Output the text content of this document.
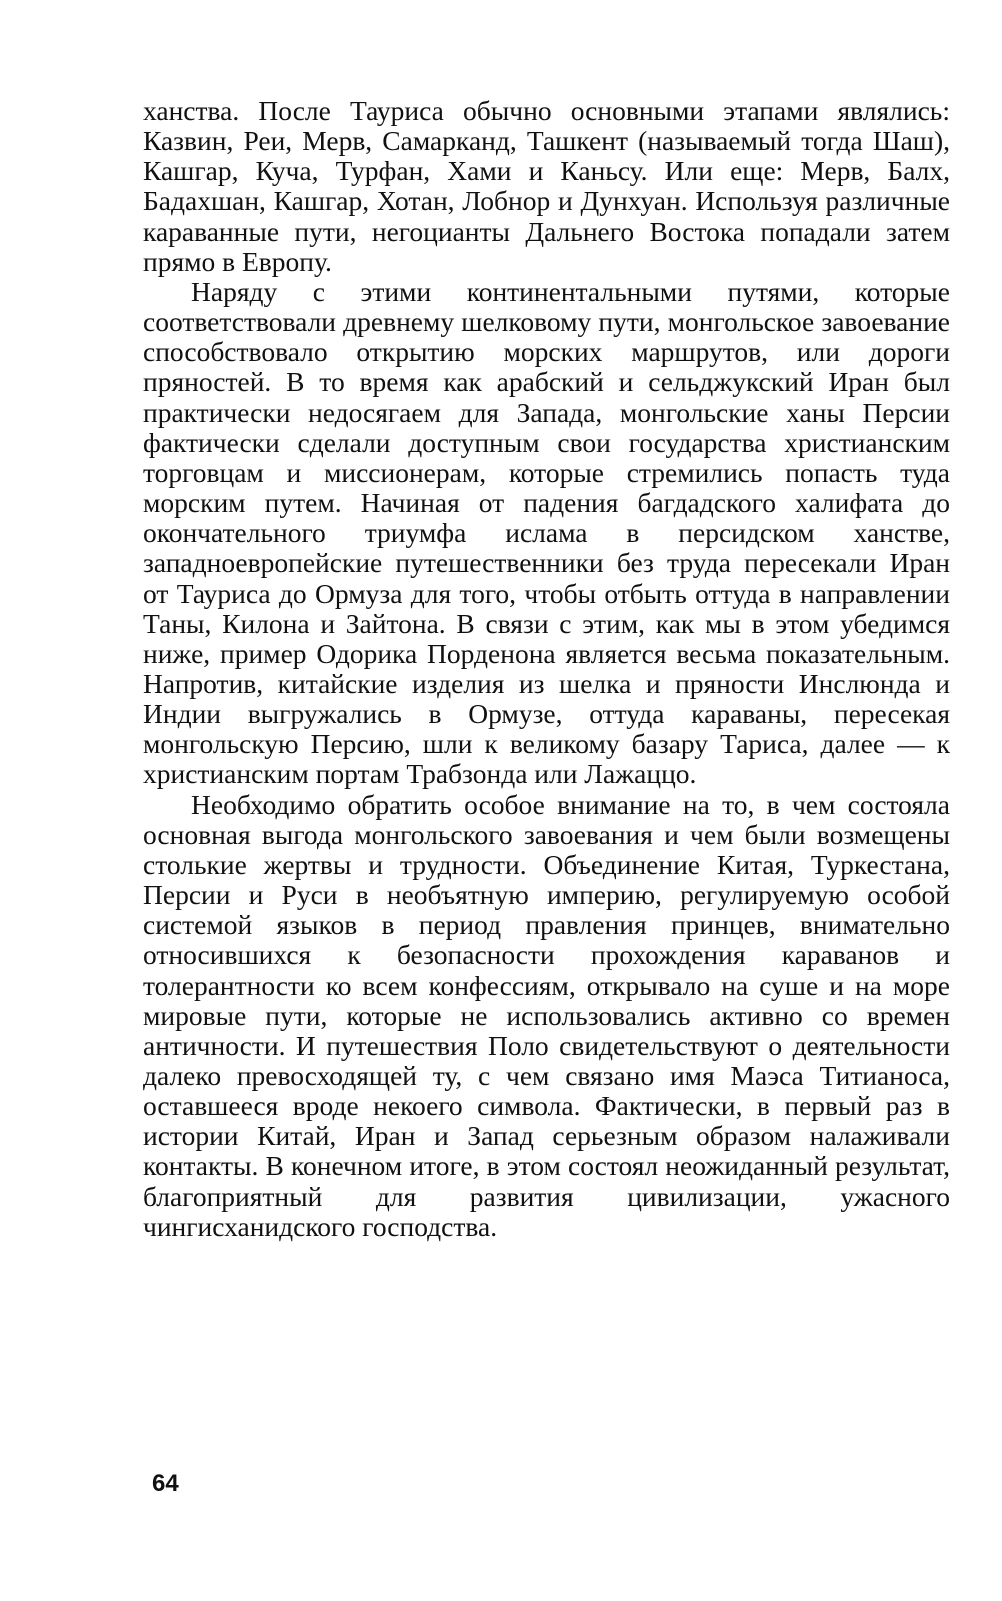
ханства. После Тауриса обычно основными этапами являлись: Казвин, Реи, Мерв, Самарканд, Ташкент (называемый тогда Шаш), Кашгар, Куча, Турфан, Хами и Каньсу. Или еще: Мерв, Балх, Бадахшан, Кашгар, Хотан, Лобнор и Дунхуан. Используя различные караванные пути, негоцианты Дальнего Востока попадали затем прямо в Европу.

Наряду с этими континентальными путями, которые соответствовали древнему шелковому пути, монгольское завоевание способствовало открытию морских маршрутов, или дороги пряностей. В то время как арабский и сельджукский Иран был практически недосягаем для Запада, монгольские ханы Персии фактически сделали доступным свои государства христианским торговцам и миссионерам, которые стремились попасть туда морским путем. Начиная от падения багдадского халифата до окончательного триумфа ислама в персидском ханстве, западноевропейские путешественники без труда пересекали Иран от Тауриса до Ормуза для того, чтобы отбыть оттуда в направлении Таны, Килона и Зайтона. В связи с этим, как мы в этом убедимся ниже, пример Одорика Порденона является весьма показательным. Напротив, китайские изделия из шелка и пряности Инслюнда и Индии выгружались в Ормузе, оттуда караваны, пересекая монгольскую Персию, шли к великому базару Тариса, далее — к христианским портам Трабзонда или Лажаццо.

Необходимо обратить особое внимание на то, в чем состояла основная выгода монгольского завоевания и чем были возмещены столькие жертвы и трудности. Объединение Китая, Туркестана, Персии и Руси в необъятную империю, регулируемую особой системой языков в период правления принцев, внимательно относившихся к безопасности прохождения караванов и толерантности ко всем конфессиям, открывало на суше и на море мировые пути, которые не использовались активно со времен античности. И путешествия Поло свидетельствуют о деятельности далеко превосходящей ту, с чем связано имя Маэса Титианоса, оставшееся вроде некоего символа. Фактически, в первый раз в истории Китай, Иран и Запад серьезным образом налаживали контакты. В конечном итоге, в этом состоял неожиданный результат, благоприятный для развития цивилизации, ужасного чингисханидского господства.

64
